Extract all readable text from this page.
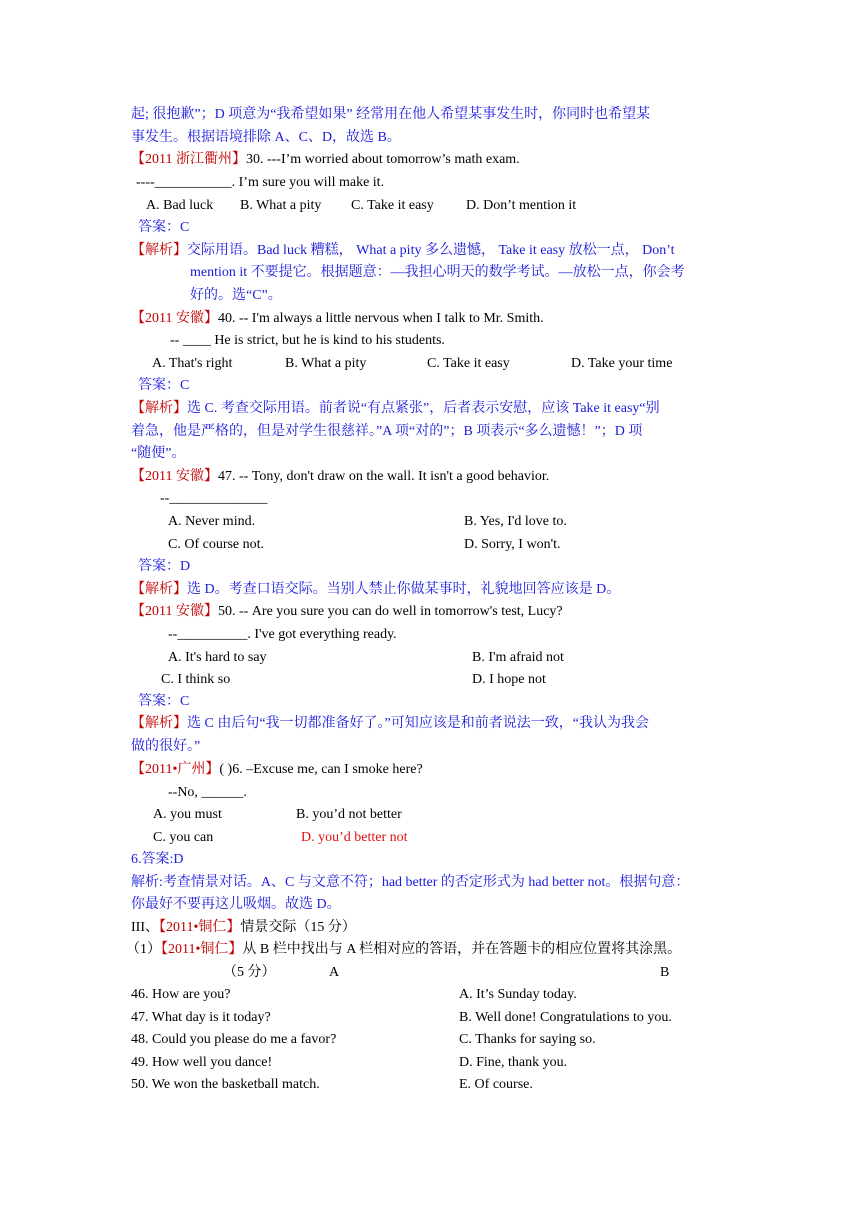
起; 很抱歉”；D 项意为“我希望如果” 经常用在他人希望某事发生时，你同时也希望某
事发生。根据语境排除 A、C、D，故选 B。
【2011 浙江衢州】30. ---I’m worried about tomorrow’s math exam.
----___________. I’m sure you will make it.
A. Bad luck B. What a pity C. Take it easy D. Don’t mention it
答案：C
【解析】交际用语。Bad luck 糟糕， What a pity 多么遗憾， Take it easy 放松一点， Don’t
mention it 不要提它。根据题意：—我担心明天的数学考试。—放松一点，你会考
好的。选“C”。
【2011 安徽】40. -- I'm always a little nervous when I talk to Mr. Smith.
-- ____ He is strict, but he is kind to his students.
A. That's right	B. What a pity	C. Take it easy	D. Take your time
答案：C
【解析】选 C. 考查交际用语。前者说“有点紧张”，后者表示安慰，应该 Take it easy“别
着急，他是严格的，但是对学生很慈祥。”A 项“对的”；B 项表示“多么遗憾！”；D 项
“随便”。
【2011 安徽】47. -- Tony, don't draw on the wall. It isn't a good behavior.
--______________
A. Never mind.	B. Yes, I'd love to.
C. Of course not.	D. Sorry, I won't.
答案：D
【解析】选 D。考查口语交际。当别人禁止你做某事时，礼貌地回答应该是 D。
【2011 安徽】50. -- Are you sure you can do well in tomorrow's test, Lucy?
--__________. I've got everything ready.
A. It's hard to say	B. I'm afraid not
C. I think so	D. I hope not
答案：C
【解析】选 C 由后句“我一切都准备好了。”可知应该是和前者说法一致，“我认为我会
做的很好。”
【2011•广州】( )6. –Excuse me, can I smoke here?
--No, ______.
A. you must	B. you’d not better
C. you can	D. you’d better not
6.答案:D
解析:考查情景对话。A、C 与文意不符；had better 的否定形式为 had better not。根据句意：
你最好不要再这儿吸烟。故选 D。
III、【2011•铜仁】情景交际（15 分）
（1）【2011•铜仁】从 B 栏中找出与 A 栏相对应的答语，并在答题卡的相应位置将其涂黑。
（5 分）	A	B
46. How are you?	A. It’s Sunday today.
47. What day is it today?	B. Well done! Congratulations to you.
48. Could you please do me a favor?	C. Thanks for saying so.
49. How well you dance!	D. Fine, thank you.
50. We won the basketball match.	E. Of course.
